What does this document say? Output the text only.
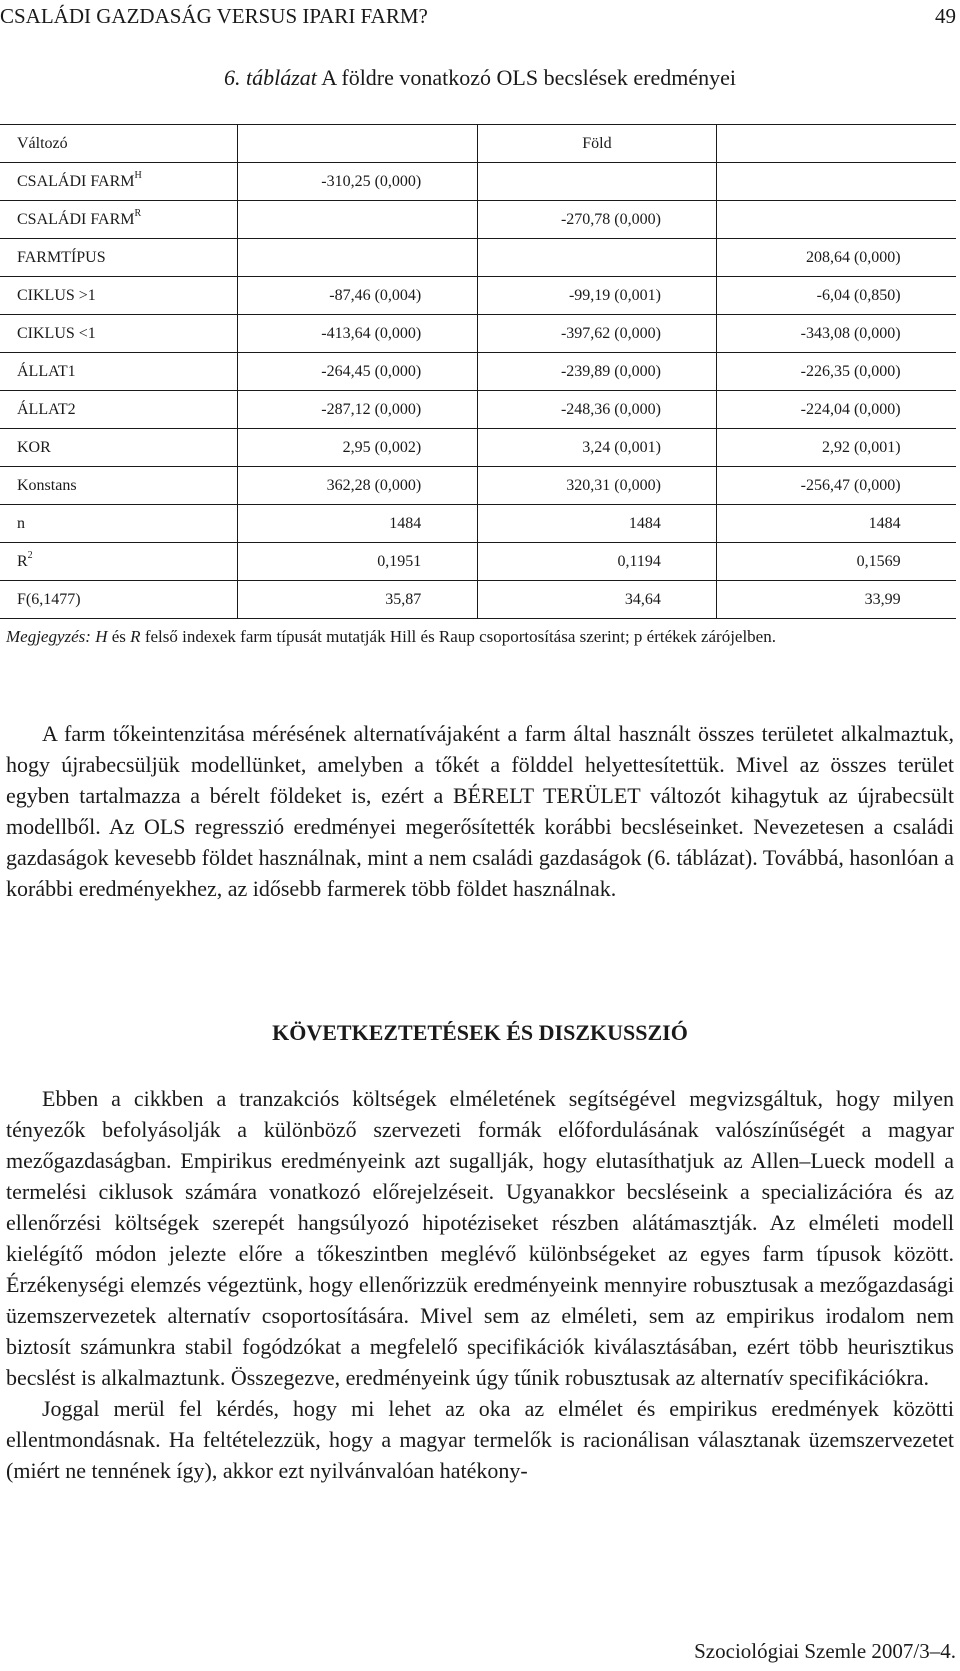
CSALÁDI GAZDASÁG VERSUS IPARI FARM?	49
6. táblázat A földre vonatkozó OLS becslések eredményei
Változó		Föld	
CSALÁDI $FARM^H$	-310,25 (0,000)		
CSALÁDI $FARM^R$		-270,78 (0,000)	
FARMTÍPUS			208,64 (0,000)
CIKLUS >1	-87,46 (0,004)	-99,19 (0,001)	-6,04 (0,850)
CIKLUS <1	-413,64 (0,000)	-397,62 (0,000)	-343,08 (0,000)
ÁLLAT1	-264,45 (0,000)	-239,89 (0,000)	-226,35 (0,000)
ÁLLAT2	-287,12 (0,000)	-248,36 (0,000)	-224,04 (0,000)
KOR	2,95 (0,002)	3,24 (0,001)	2,92 (0,001)
Konstans	362,28 (0,000)	320,31 (0,000)	-256,47 (0,000)
n	1484	1484	1484
$R^2$	0,1951	0,1194	0,1569
F(6,1477)	35,87	34,64	33,99
Megjegyzés: H és R felső indexek farm típusát mutatják Hill és Raup csoportosítása szerint; p értékek zárójelben.

A farm tőkeintenzitása mérésének alternatívájaként a farm által használt összes területet alkalmaztuk, hogy újrabecsüljük modellünket, amelyben a tőkét a földdel helyettesítettük. Mivel az összes terület egyben tartalmazza a bérelt földeket is, ezért a BÉRELT TERÜLET változót kihagytuk az újrabecsült modellből. Az OLS regresszió eredményei megerősítették korábbi becsléseinket. Nevezetesen a családi gazdaságok kevesebb földet használnak, mint a nem családi gazdaságok (6. táblázat). Továbbá, hasonlóan a korábbi eredményekhez, az idősebb farmerek több földet használnak.

KÖVETKEZTETÉSEK ÉS DISZKUSSZIÓ

Ebben a cikkben a tranzakciós költségek elméletének segítségével megvizsgáltuk, hogy milyen tényezők befolyásolják a különböző szervezeti formák előfordulásának valószínűségét a magyar mezőgazdaságban. Empirikus eredményeink azt sugallják, hogy elutasíthatjuk az Allen–Lueck modell a termelési ciklusok számára vonatkozó előrejelzéseit. Ugyanakkor becsléseink a specializációra és az ellenőrzési költségek szerepét hangsúlyozó hipotéziseket részben alátámasztják. Az elméleti modell kielégítő módon jelezte előre a tőkeszintben meglévő különbségeket az egyes farm típusok között. Érzékenységi elemzés végeztünk, hogy ellenőrizzük eredményeink mennyire robusztusak a mezőgazdasági üzemszervezetek alternatív csoportosítására. Mivel sem az elméleti, sem az empirikus irodalom nem biztosít számunkra stabil fogódzókat a megfelelő specifikációk kiválasztásában, ezért több heurisztikus becslést is alkalmaztunk. Összegezve, eredményeink úgy tűnik robusztusak az alternatív specifikációkra.

Joggal merül fel kérdés, hogy mi lehet az oka az elmélet és empirikus eredmények közötti ellentmondásnak. Ha feltételezzük, hogy a magyar termelők is racionálisan választanak üzemszervezetet (miért ne tennének így), akkor ezt nyilvánvalóan hatékony-

Szociológiai Szemle 2007/3–4.
